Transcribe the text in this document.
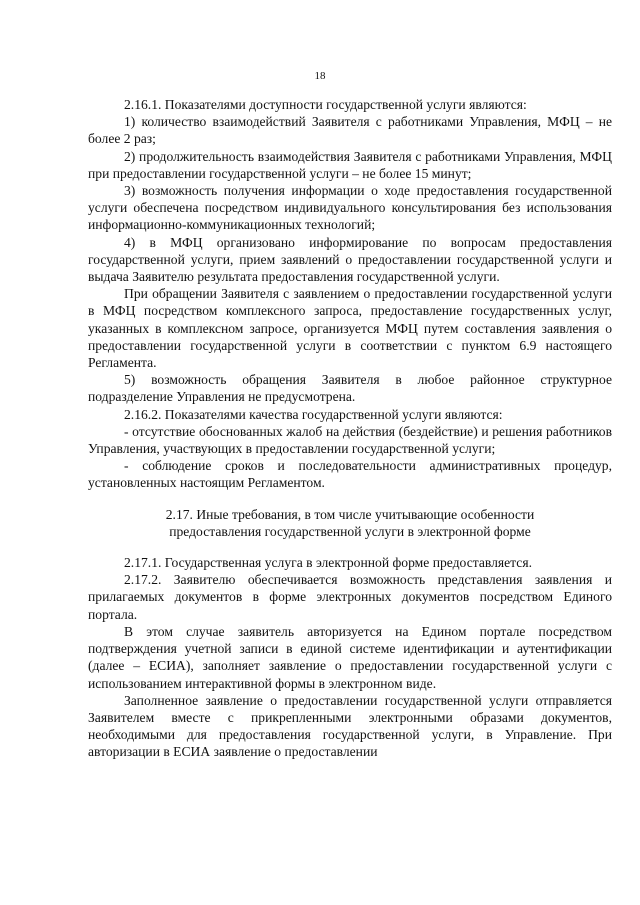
18

2.16.1. Показателями доступности государственной услуги являются:

1) количество взаимодействий Заявителя с работниками Управления, МФЦ – не более 2 раз;

2) продолжительность взаимодействия Заявителя с работниками Управления, МФЦ при предоставлении государственной услуги – не более 15 минут;

3) возможность получения информации о ходе предоставления государственной услуги обеспечена посредством индивидуального консультирования без использования информационно-коммуникационных технологий;

4) в МФЦ организовано информирование по вопросам предоставления государственной услуги, прием заявлений о предоставлении государственной услуги и выдача Заявителю результата предоставления государственной услуги.

При обращении Заявителя с заявлением о предоставлении государственной услуги в МФЦ посредством комплексного запроса, предоставление государственных услуг, указанных в комплексном запросе, организуется МФЦ путем составления заявления о предоставлении государственной услуги в соответствии с пунктом 6.9 настоящего Регламента.

5) возможность обращения Заявителя в любое районное структурное подразделение Управления не предусмотрена.

2.16.2. Показателями качества государственной услуги являются:

- отсутствие обоснованных жалоб на действия (бездействие) и решения работников Управления, участвующих в предоставлении государственной услуги;

- соблюдение сроков и последовательности административных процедур, установленных настоящим Регламентом.

2.17. Иные требования, в том числе учитывающие особенности предоставления государственной услуги в электронной форме

2.17.1. Государственная услуга в электронной форме предоставляется.

2.17.2. Заявителю обеспечивается возможность представления заявления и прилагаемых документов в форме электронных документов посредством Единого портала.

В этом случае заявитель авторизуется на Едином портале посредством подтверждения учетной записи в единой системе идентификации и аутентификации (далее – ЕСИА), заполняет заявление о предоставлении государственной услуги с использованием интерактивной формы в электронном виде.

Заполненное заявление о предоставлении государственной услуги отправляется Заявителем вместе с прикрепленными электронными образами документов, необходимыми для предоставления государственной услуги, в Управление. При авторизации в ЕСИА заявление о предоставлении
